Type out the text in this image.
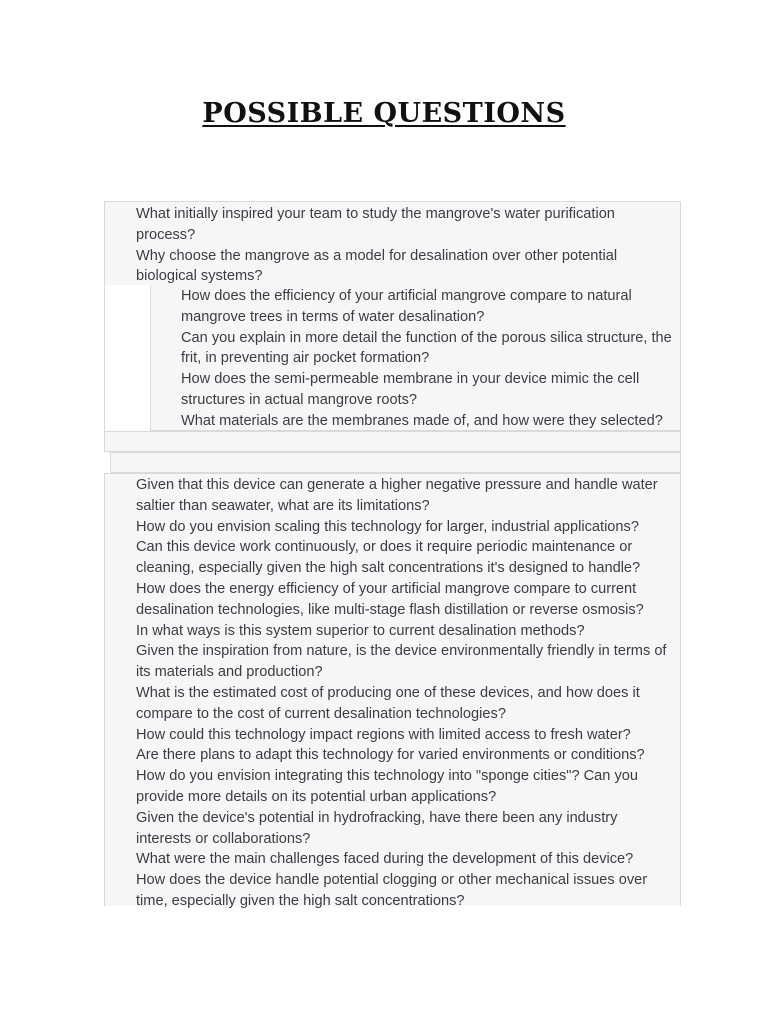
POSSIBLE QUESTIONS
What initially inspired your team to study the mangrove's water purification process?
Why choose the mangrove as a model for desalination over other potential biological systems?
How does the efficiency of your artificial mangrove compare to natural mangrove trees in terms of water desalination?
Can you explain in more detail the function of the porous silica structure, the frit, in preventing air pocket formation?
How does the semi-permeable membrane in your device mimic the cell structures in actual mangrove roots?
What materials are the membranes made of, and how were they selected?
Given that this device can generate a higher negative pressure and handle water saltier than seawater, what are its limitations?
How do you envision scaling this technology for larger, industrial applications?
Can this device work continuously, or does it require periodic maintenance or cleaning, especially given the high salt concentrations it's designed to handle?
How does the energy efficiency of your artificial mangrove compare to current desalination technologies, like multi-stage flash distillation or reverse osmosis?
In what ways is this system superior to current desalination methods?
Given the inspiration from nature, is the device environmentally friendly in terms of its materials and production?
What is the estimated cost of producing one of these devices, and how does it compare to the cost of current desalination technologies?
How could this technology impact regions with limited access to fresh water?
Are there plans to adapt this technology for varied environments or conditions?
How do you envision integrating this technology into "sponge cities"? Can you provide more details on its potential urban applications?
Given the device's potential in hydrofracking, have there been any industry interests or collaborations?
What were the main challenges faced during the development of this device?
How does the device handle potential clogging or other mechanical issues over time, especially given the high salt concentrations?
